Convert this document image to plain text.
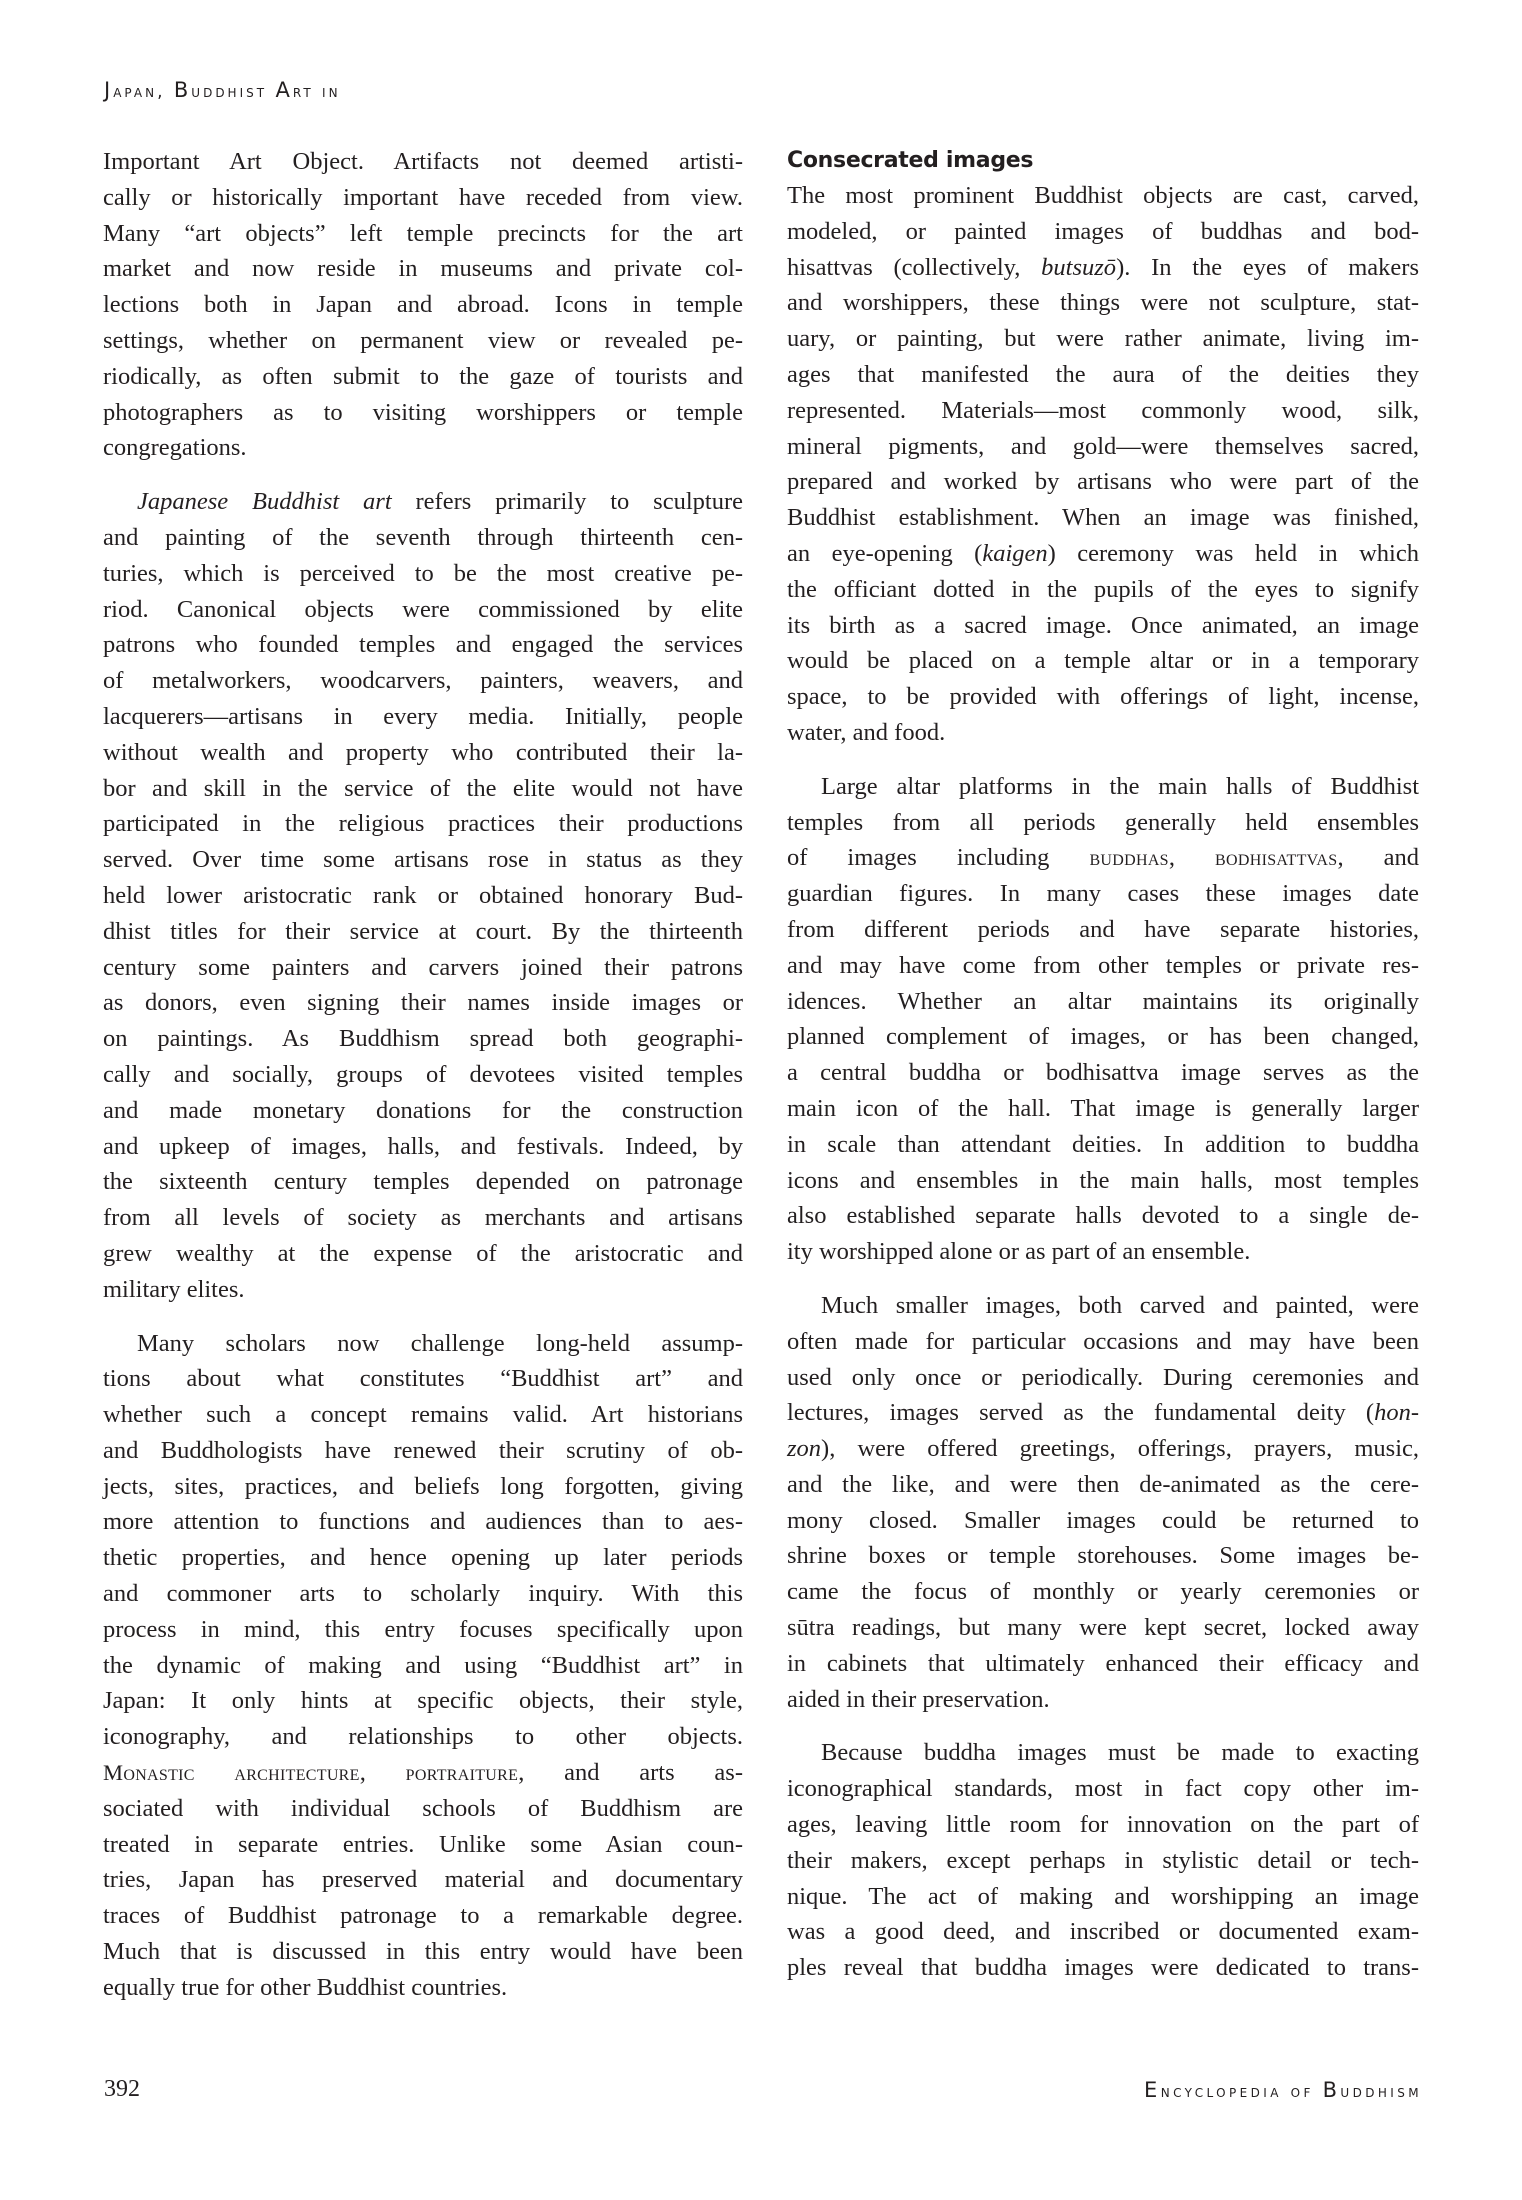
Japan, Buddhist Art in
Important Art Object. Artifacts not deemed artisti-
cally or historically important have receded from view.
Many “art objects” left temple precincts for the art
market and now reside in museums and private col-
lections both in Japan and abroad. Icons in temple
settings, whether on permanent view or revealed pe-
riodically, as often submit to the gaze of tourists and
photographers as to visiting worshippers or temple
congregations.
Japanese Buddhist art refers primarily to sculpture
and painting of the seventh through thirteenth cen-
turies, which is perceived to be the most creative pe-
riod. Canonical objects were commissioned by elite
patrons who founded temples and engaged the services
of metalworkers, woodcarvers, painters, weavers, and
lacquerers—artisans in every media. Initially, people
without wealth and property who contributed their la-
bor and skill in the service of the elite would not have
participated in the religious practices their productions
served. Over time some artisans rose in status as they
held lower aristocratic rank or obtained honorary Bud-
dhist titles for their service at court. By the thirteenth
century some painters and carvers joined their patrons
as donors, even signing their names inside images or
on paintings. As Buddhism spread both geographi-
cally and socially, groups of devotees visited temples
and made monetary donations for the construction
and upkeep of images, halls, and festivals. Indeed, by
the sixteenth century temples depended on patronage
from all levels of society as merchants and artisans
grew wealthy at the expense of the aristocratic and
military elites.
Many scholars now challenge long-held assump-
tions about what constitutes “Buddhist art” and
whether such a concept remains valid. Art historians
and Buddhologists have renewed their scrutiny of ob-
jects, sites, practices, and beliefs long forgotten, giving
more attention to functions and audiences than to aes-
thetic properties, and hence opening up later periods
and commoner arts to scholarly inquiry. With this
process in mind, this entry focuses specifically upon
the dynamic of making and using “Buddhist art” in
Japan: It only hints at specific objects, their style,
iconography, and relationships to other objects.
Monastic architecture, portraiture, and arts as-
sociated with individual schools of Buddhism are
treated in separate entries. Unlike some Asian coun-
tries, Japan has preserved material and documentary
traces of Buddhist patronage to a remarkable degree.
Much that is discussed in this entry would have been
equally true for other Buddhist countries.
Consecrated images
The most prominent Buddhist objects are cast, carved,
modeled, or painted images of buddhas and bod-
hisattvas (collectively, butsuzō). In the eyes of makers
and worshippers, these things were not sculpture, stat-
uary, or painting, but were rather animate, living im-
ages that manifested the aura of the deities they
represented. Materials—most commonly wood, silk,
mineral pigments, and gold—were themselves sacred,
prepared and worked by artisans who were part of the
Buddhist establishment. When an image was finished,
an eye-opening (kaigen) ceremony was held in which
the officiant dotted in the pupils of the eyes to signify
its birth as a sacred image. Once animated, an image
would be placed on a temple altar or in a temporary
space, to be provided with offerings of light, incense,
water, and food.
Large altar platforms in the main halls of Buddhist
temples from all periods generally held ensembles
of images including buddhas, bodhisattvas, and
guardian figures. In many cases these images date
from different periods and have separate histories,
and may have come from other temples or private res-
idences. Whether an altar maintains its originally
planned complement of images, or has been changed,
a central buddha or bodhisattva image serves as the
main icon of the hall. That image is generally larger
in scale than attendant deities. In addition to buddha
icons and ensembles in the main halls, most temples
also established separate halls devoted to a single de-
ity worshipped alone or as part of an ensemble.
Much smaller images, both carved and painted, were
often made for particular occasions and may have been
used only once or periodically. During ceremonies and
lectures, images served as the fundamental deity (hon-
zon), were offered greetings, offerings, prayers, music,
and the like, and were then de-animated as the cere-
mony closed. Smaller images could be returned to
shrine boxes or temple storehouses. Some images be-
came the focus of monthly or yearly ceremonies or
sūtra readings, but many were kept secret, locked away
in cabinets that ultimately enhanced their efficacy and
aided in their preservation.
Because buddha images must be made to exacting
iconographical standards, most in fact copy other im-
ages, leaving little room for innovation on the part of
their makers, except perhaps in stylistic detail or tech-
nique. The act of making and worshipping an image
was a good deed, and inscribed or documented exam-
ples reveal that buddha images were dedicated to trans-
392	Encyclopedia of Buddhism
